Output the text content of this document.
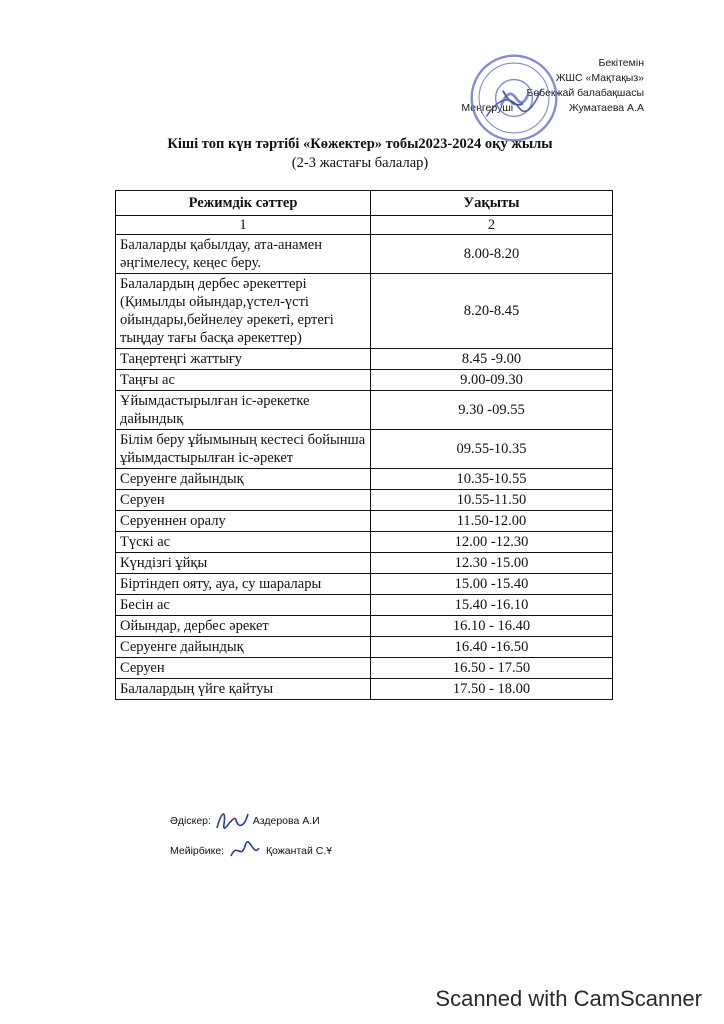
Бекітемін
ЖШС «Мақтақыз»
Бөбекжай балабақшасы
Меңгеруші	Жуматаева А.А
Кіші топ күн тәртібі «Көжектер» тобы2023-2024 оқу жылы
(2-3 жастағы балалар)
Режимдік сәттер	Уақыты
1	2
Балаларды қабылдау, ата-анамен әңгімелесу, кеңес беру.	8.00-8.20
Балалардың дербес әрекеттері (Қимылды ойындар,үстел-үсті ойындары,бейнелеу әрекеті, ертегі тыңдау тағы басқа әрекеттер)	8.20-8.45
Таңертеңгі жаттығу	8.45 -9.00
Таңғы ас	9.00-09.30
Ұйымдастырылған іс-әрекетке дайындық	9.30 -09.55
Білім беру ұйымының кестесі бойынша ұйымдастырылған іс-әрекет	09.55-10.35
Серуенге дайындық	10.35-10.55
Серуен	10.55-11.50
Серуеннен оралу	11.50-12.00
Түскі ас	12.00 -12.30
Күндізгі ұйқы	12.30 -15.00
Біртіндеп ояту, ауа, су шаралары	15.00 -15.40
Бесін ас	15.40 -16.10
Ойындар, дербес әрекет	16.10 - 16.40
Серуенге дайындық	16.40 -16.50
Серуен	16.50 - 17.50
Балалардың үйге қайтуы	17.50 - 18.00
Әдіскер:	Аздерова А.И
Мейірбике:	Қожантай С.Ұ
Scanned with CamScanner
